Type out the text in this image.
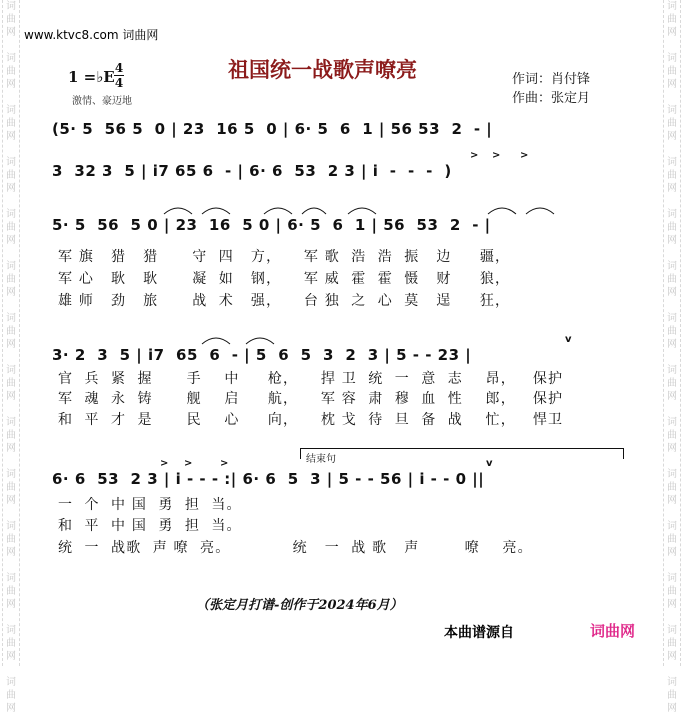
词
曲
网

词
曲
网

词
曲
网

词
曲
网

词
曲
网

词
曲
网

词
曲
网

词
曲
网

词
曲
网

词
曲
网

词
曲
网

词
曲
网

词
曲
网

词
曲
网
词
曲
网

词
曲
网

词
曲
网

词
曲
网

词
曲
网

词
曲
网

词
曲
网

词
曲
网

词
曲
网

词
曲
网

词
曲
网

词
曲
网

词
曲
网

词
曲
网
www.ktvc8.com 词曲网
1 =♭E 4
4
激情、豪迈地
祖国统一战歌声嘹亮	作词：肖付锋
作曲：张定月
(5· 5  56 5  0 | 23  16 5  0 | 6· 5  6  1 | 56 53  2  - |
> > >
3  32 3  5 | i7 65 6  - | 6· 6  53  2 3 | i  -  -  -  )
5· 5  56  5 0 | 23  16  5 0 | 6· 5  6  1 | 56  53  2  - |
军 旗   猎   猎      守  四   方，    军 歌  浩  浩  振   边     疆，
军 心   耿   耿      凝  如   钢，    军 威  霍  霍  慑   财     狼，
雄 师   劲   旅      战  术   强，    台 独  之  心  莫   逞     狂，
v
3· 2  3  5 | i7  65  6  - | 5  6  5  3  2  3 | 5 - - 23 |
官  兵  紧  握      手    中     枪，    捍 卫  统  一  意  志    昂，   保护
军  魂  永  铸      舰    启     航，    军 容  肃  穆  血  性    郎，   保护
和  平  才  是      民    心     向，    枕 戈  待  旦  备  战    忙，   悍卫
结束句
> >	>	v
6· 6  53  2 3 | i - - - :| 6· 6  5  3 | 5 - - 56 | i - - 0 ||
一  个  中 国  勇  担  当。
和  平  中 国  勇  担  当。
统  一  战歌  声 嘹  亮。           统   一  战 歌   声        嘹    亮。
（张定月打谱-创作于2024年6月）
本曲谱源自	词曲网
